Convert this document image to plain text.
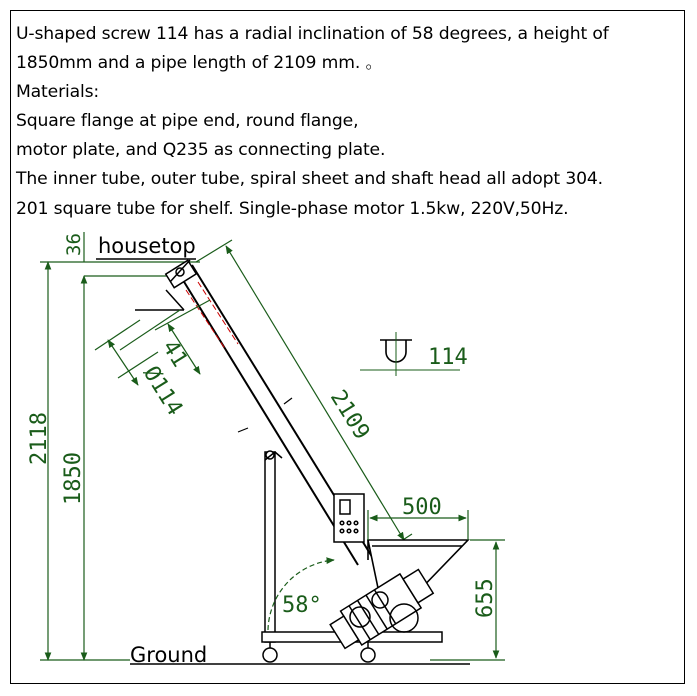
U-shaped screw 114 has a radial inclination of 58 degrees, a height of
1850mm and a pipe length of 2109 mm. 。
Materials:
Square flange at pipe end, round flange,
motor plate, and Q235 as connecting plate.
The inner tube, outer tube, spiral sheet and shaft head all adopt 304.
201 square tube for shelf. Single-phase motor 1.5kw, 220V,50Hz.
2118
1850
36 housetop
Ground
41
Ø114	2109
114
500
655
58°
